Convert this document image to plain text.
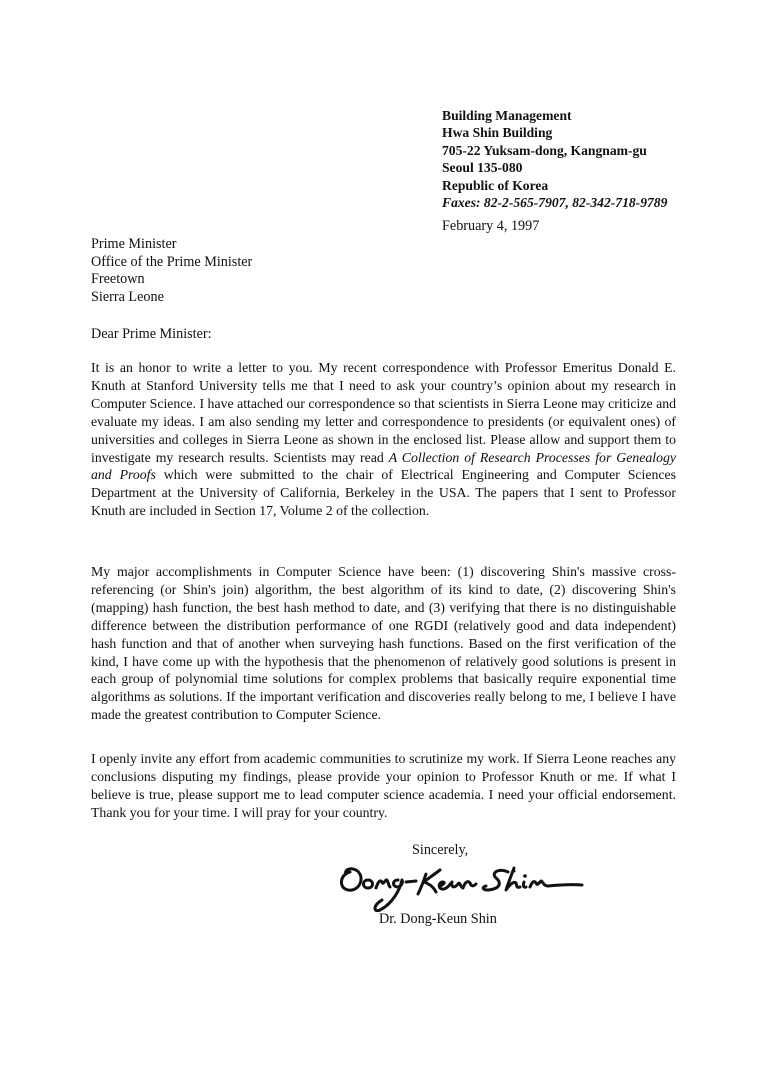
Building Management
Hwa Shin Building
705-22 Yuksam-dong, Kangnam-gu
Seoul 135-080
Republic of Korea
Faxes: 82-2-565-7907, 82-342-718-9789
February 4, 1997
Prime Minister
Office of the Prime Minister
Freetown
Sierra Leone
Dear Prime Minister:
It is an honor to write a letter to you. My recent correspondence with Professor Emeritus Donald E. Knuth at Stanford University tells me that I need to ask your country’s opinion about my research in Computer Science. I have attached our correspondence so that scientists in Sierra Leone may criticize and evaluate my ideas. I am also sending my letter and correspondence to presidents (or equivalent ones) of universities and colleges in Sierra Leone as shown in the enclosed list. Please allow and support them to investigate my research results. Scientists may read A Collection of Research Processes for Genealogy and Proofs which were submitted to the chair of Electrical Engineering and Computer Sciences Department at the University of California, Berkeley in the USA. The papers that I sent to Professor Knuth are included in Section 17, Volume 2 of the collection.
My major accomplishments in Computer Science have been: (1) discovering Shin's massive cross-referencing (or Shin's join) algorithm, the best algorithm of its kind to date, (2) discovering Shin's (mapping) hash function, the best hash method to date, and (3) verifying that there is no distinguishable difference between the distribution performance of one RGDI (relatively good and data independent) hash function and that of another when surveying hash functions. Based on the first verification of the kind, I have come up with the hypothesis that the phenomenon of relatively good solutions is present in each group of polynomial time solutions for complex problems that basically require exponential time algorithms as solutions. If the important verification and discoveries really belong to me, I believe I have made the greatest contribution to Computer Science.
I openly invite any effort from academic communities to scrutinize my work. If Sierra Leone reaches any conclusions disputing my findings, please provide your opinion to Professor Knuth or me. If what I believe is true, please support me to lead computer science academia. I need your official endorsement. Thank you for your time. I will pray for your country.
Sincerely,
Dr. Dong-Keun Shin
